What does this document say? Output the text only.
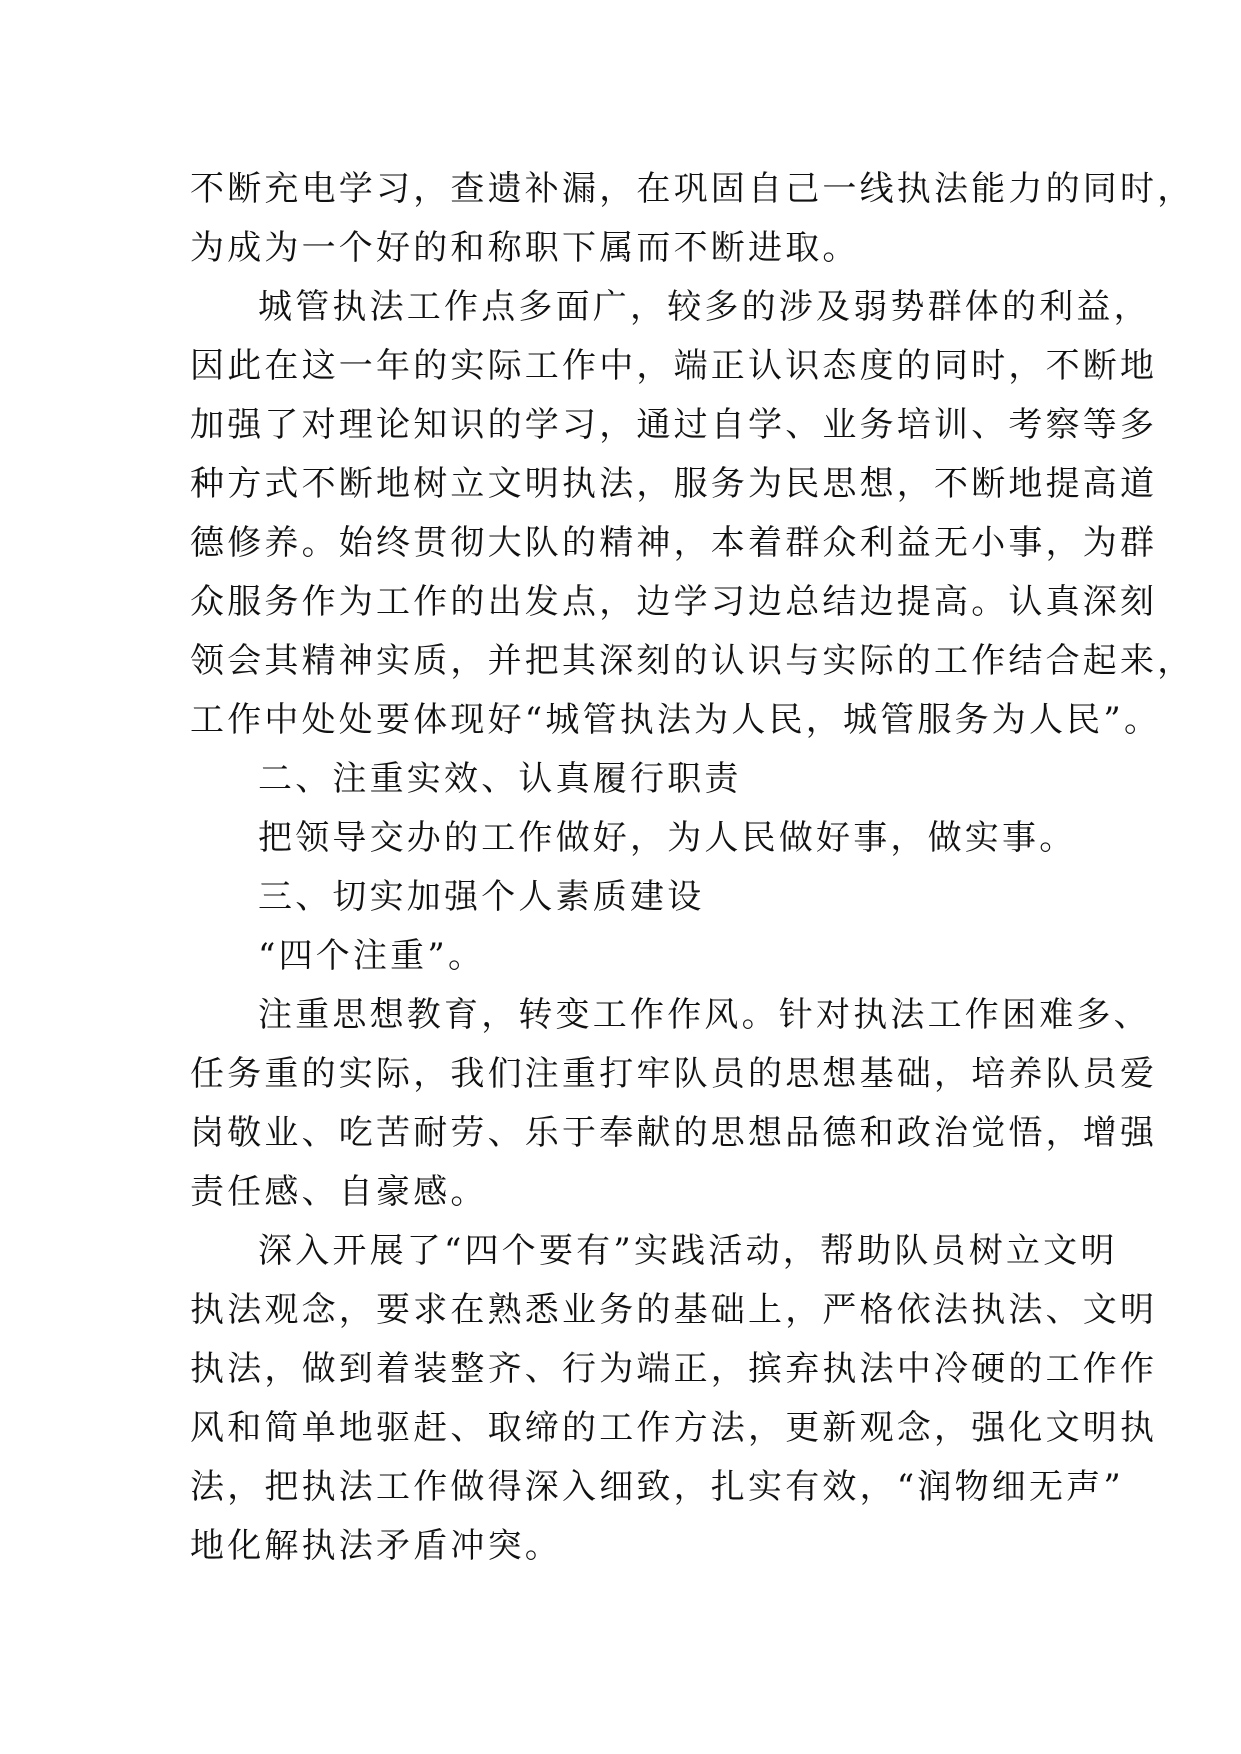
不断充电学习，查遗补漏，在巩固自己一线执法能力的同时，
为成为一个好的和称职下属而不断进取。
城管执法工作点多面广，较多的涉及弱势群体的利益，
因此在这一年的实际工作中，端正认识态度的同时，不断地
加强了对理论知识的学习，通过自学、业务培训、考察等多
种方式不断地树立文明执法，服务为民思想，不断地提高道
德修养。始终贯彻大队的精神，本着群众利益无小事，为群
众服务作为工作的出发点，边学习边总结边提高。认真深刻
领会其精神实质，并把其深刻的认识与实际的工作结合起来，
工作中处处要体现好“城管执法为人民，城管服务为人民”。
二、注重实效、认真履行职责
把领导交办的工作做好，为人民做好事，做实事。
三、切实加强个人素质建设
“四个注重”。
注重思想教育，转变工作作风。针对执法工作困难多、
任务重的实际，我们注重打牢队员的思想基础，培养队员爱
岗敬业、吃苦耐劳、乐于奉献的思想品德和政治觉悟，增强
责任感、自豪感。
深入开展了“四个要有”实践活动，帮助队员树立文明
执法观念，要求在熟悉业务的基础上，严格依法执法、文明
执法，做到着装整齐、行为端正，摈弃执法中冷硬的工作作
风和简单地驱赶、取缔的工作方法，更新观念，强化文明执
法，把执法工作做得深入细致，扎实有效，“润物细无声”
地化解执法矛盾冲突。
